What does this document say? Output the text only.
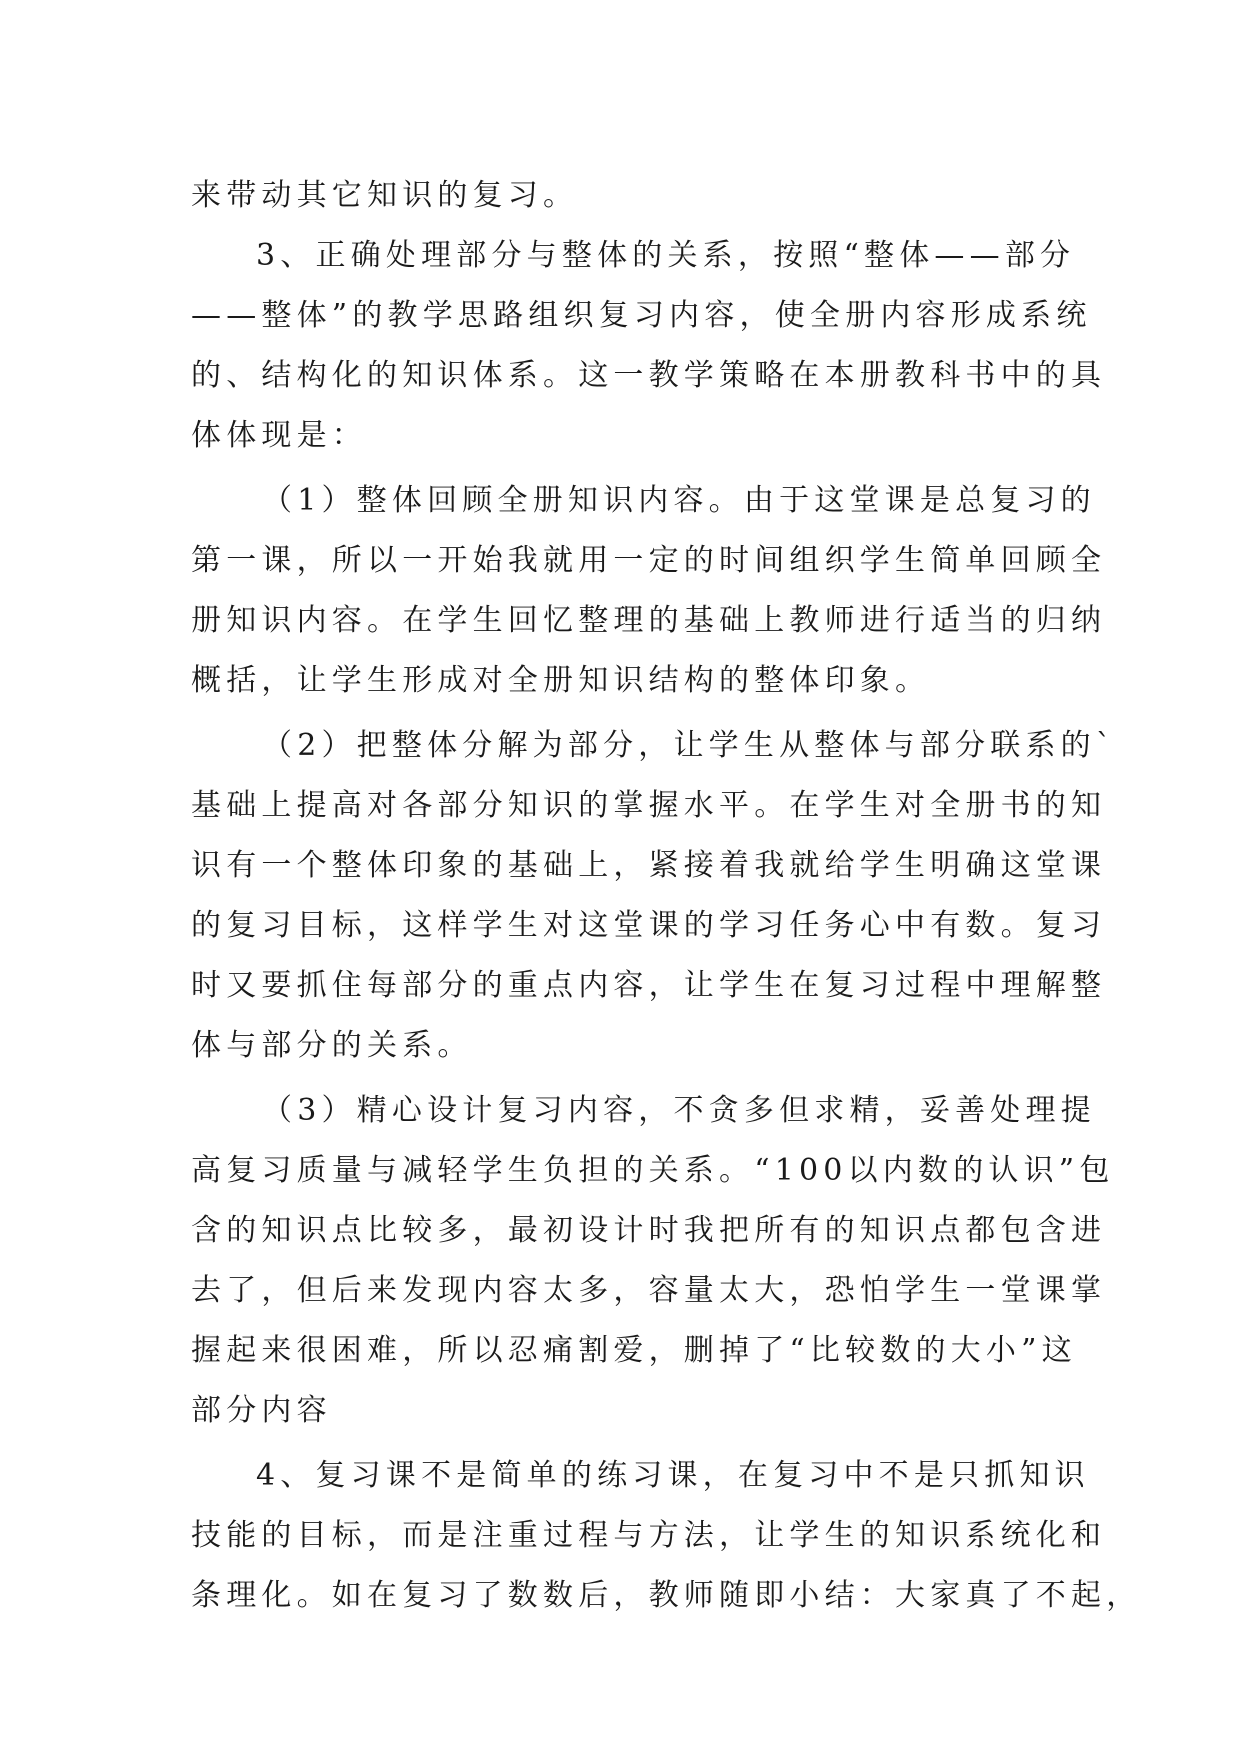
来带动其它知识的复习。
3、正确处理部分与整体的关系，按照“整体——部分
——整体”的教学思路组织复习内容，使全册内容形成系统
的、结构化的知识体系。这一教学策略在本册教科书中的具
体体现是：
（1）整体回顾全册知识内容。由于这堂课是总复习的
第一课，所以一开始我就用一定的时间组织学生简单回顾全
册知识内容。在学生回忆整理的基础上教师进行适当的归纳
概括，让学生形成对全册知识结构的整体印象。
（2）把整体分解为部分，让学生从整体与部分联系的`
基础上提高对各部分知识的掌握水平。在学生对全册书的知
识有一个整体印象的基础上，紧接着我就给学生明确这堂课
的复习目标，这样学生对这堂课的学习任务心中有数。复习
时又要抓住每部分的重点内容，让学生在复习过程中理解整
体与部分的关系。
（3）精心设计复习内容，不贪多但求精，妥善处理提
高复习质量与减轻学生负担的关系。“100以内数的认识”包
含的知识点比较多，最初设计时我把所有的知识点都包含进
去了，但后来发现内容太多，容量太大，恐怕学生一堂课掌
握起来很困难，所以忍痛割爱，删掉了“比较数的大小”这
部分内容
4、复习课不是简单的练习课，在复习中不是只抓知识
技能的目标，而是注重过程与方法，让学生的知识系统化和
条理化。如在复习了数数后，教师随即小结：大家真了不起，
